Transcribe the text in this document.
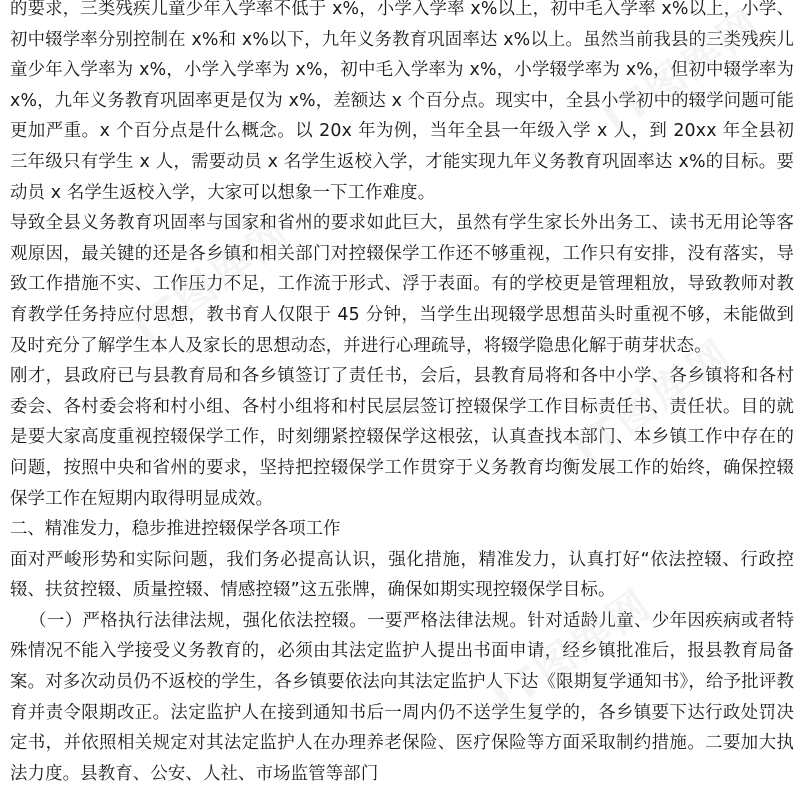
的要求，三类残疾儿童少年入学率不低于 x%，小学入学率 x%以上，初中毛入学率 x%以上，小学、初中辍学率分别控制在 x%和 x%以下，九年义务教育巩固率达 x%以上。虽然当前我县的三类残疾儿童少年入学率为 x%，小学入学率为 x%，初中毛入学率为 x%，小学辍学率为 x%，但初中辍学率为 x%，九年义务教育巩固率更是仅为 x%，差额达 x 个百分点。现实中，全县小学初中的辍学问题可能更加严重。x 个百分点是什么概念。以 20x 年为例，当年全县一年级入学 x 人，到 20xx 年全县初三年级只有学生 x 人，需要动员 x 名学生返校入学，才能实现九年义务教育巩固率达 x%的目标。要动员 x 名学生返校入学，大家可以想象一下工作难度。

导致全县义务教育巩固率与国家和省州的要求如此巨大，虽然有学生家长外出务工、读书无用论等客观原因，最关键的还是各乡镇和相关部门对控辍保学工作还不够重视，工作只有安排，没有落实，导致工作措施不实、工作压力不足，工作流于形式、浮于表面。有的学校更是管理粗放，导致教师对教育教学任务持应付思想，教书育人仅限于 45 分钟，当学生出现辍学思想苗头时重视不够，未能做到及时充分了解学生本人及家长的思想动态，并进行心理疏导，将辍学隐患化解于萌芽状态。

刚才，县政府已与县教育局和各乡镇签订了责任书，会后，县教育局将和各中小学、各乡镇将和各村委会、各村委会将和村小组、各村小组将和村民层层签订控辍保学工作目标责任书、责任状。目的就是要大家高度重视控辍保学工作，时刻绷紧控辍保学这根弦，认真查找本部门、本乡镇工作中存在的问题，按照中央和省州的要求，坚持把控辍保学工作贯穿于义务教育均衡发展工作的始终，确保控辍保学工作在短期内取得明显成效。

二、精准发力，稳步推进控辍保学各项工作

面对严峻形势和实际问题，我们务必提高认识，强化措施，精准发力，认真打好“依法控辍、行政控辍、扶贫控辍、质量控辍、情感控辍”这五张牌，确保如期实现控辍保学目标。

（一）严格执行法律法规，强化依法控辍。一要严格法律法规。针对适龄儿童、少年因疾病或者特殊情况不能入学接受义务教育的，必须由其法定监护人提出书面申请，经乡镇批准后，报县教育局备案。对多次动员仍不返校的学生，各乡镇要依法向其法定监护人下达《限期复学通知书》，给予批评教育并责令限期改正。法定监护人在接到通知书后一周内仍不送学生复学的，各乡镇要下达行政处罚决定书，并依照相关规定对其法定监护人在办理养老保险、医疗保险等方面采取制约措施。二要加大执法力度。县教育、公安、人社、市场监管等部门

IT图库网
IT图库网
IT图库网
IT图库网
